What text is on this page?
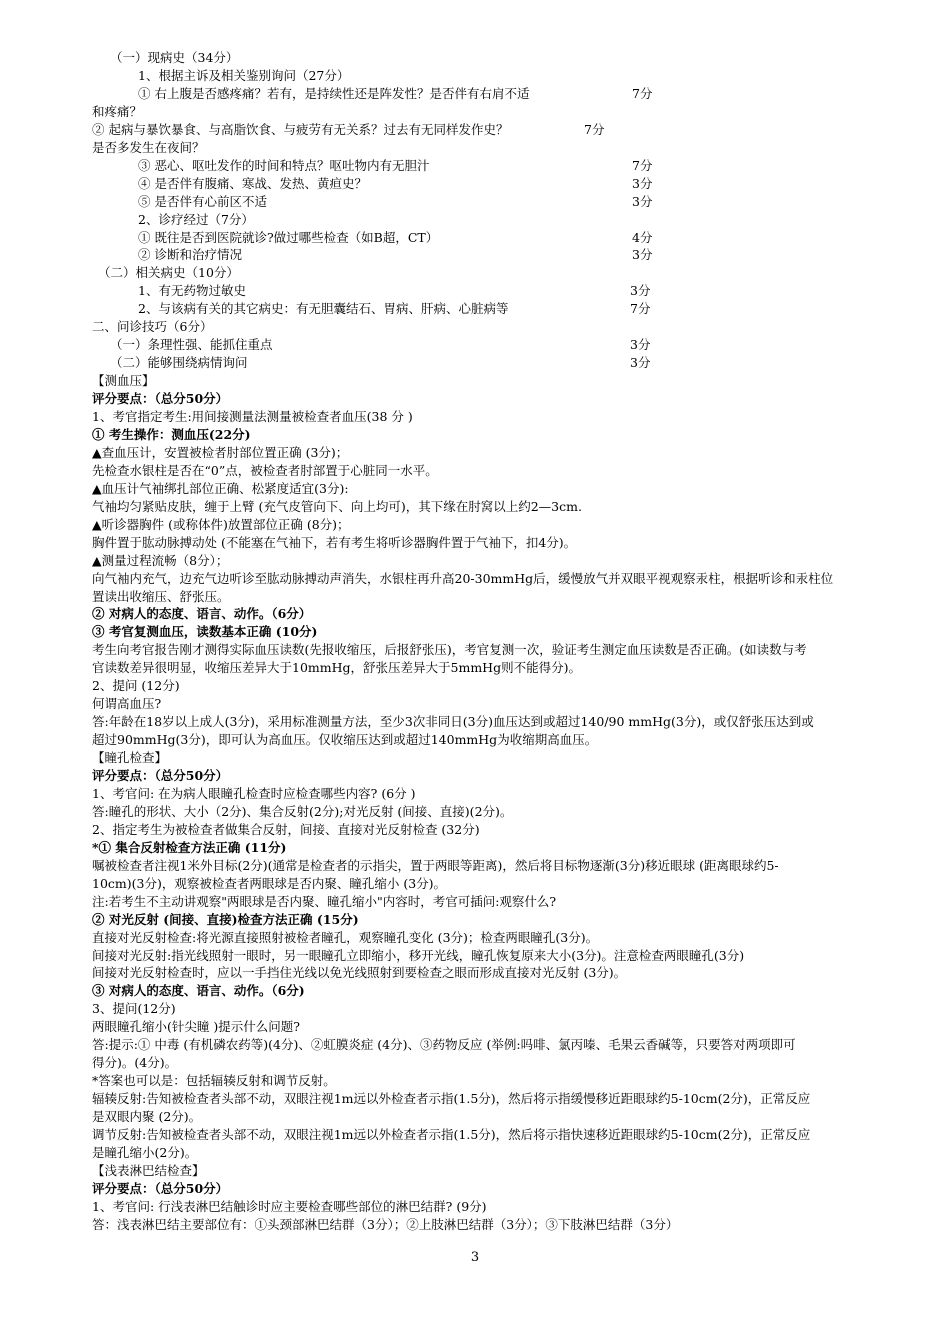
（一）现病史（34分）
1、根据主诉及相关鉴别询问（27分）
① 右上腹是否感疼痛？若有，是持续性还是阵发性？是否伴有右肩不适	7分
和疼痛？
② 起病与暴饮暴食、与高脂饮食、与疲劳有无关系？过去有无同样发作史？	7分
是否多发生在夜间？
③ 恶心、呕吐发作的时间和特点？呕吐物内有无胆汁	7分
④ 是否伴有腹痛、寒战、发热、黄疸史？	3分
⑤ 是否伴有心前区不适	3分
2、诊疗经过（7分）
① 既往是否到医院就诊?做过哪些检查（如B超，CT）	4分
② 诊断和治疗情况	3分
（二）相关病史（10分）
1、有无药物过敏史	3分
2、与该病有关的其它病史：有无胆囊结石、胃病、肝病、心脏病等	7分
二、问诊技巧（6分）
（一）条理性强、能抓住重点	3分
（二）能够围绕病情询问	3分
【测血压】
评分要点：（总分50分）
1、考官指定考生:用间接测量法测量被检查者血压(38 分 )
① 考生操作：测血压(22分)
▲查血压计，安置被检者肘部位置正确 (3分)；
先检查水银柱是否在“0”点，被检查者肘部置于心脏同一水平。
▲血压计气袖绑扎部位正确、松紧度适宜(3分):
气袖均匀紧贴皮肤，缠于上臂 (充气皮管向下、向上均可)，其下缘在肘窝以上约2—3cm.
▲听诊器胸件 (或称体件)放置部位正确 (8分)；
胸件置于肱动脉搏动处 (不能塞在气袖下，若有考生将听诊器胸件置于气袖下，扣4分)。
▲测量过程流畅（8分）；
向气袖内充气，边充气边听诊至肱动脉搏动声消失，水银柱再升高20-30mmHg后，缓慢放气并双眼平视观察汞柱，根据听诊和汞柱位
置读出收缩压、舒张压。
② 对病人的态度、语言、动作。（6分）
③ 考官复测血压，读数基本正确 (10分)
考生向考官报告刚才测得实际血压读数(先报收缩压，后报舒张压)，考官复测一次，验证考生测定血压读数是否正确。(如读数与考
官读数差异很明显，收缩压差异大于10mmHg，舒张压差异大于5mmHg则不能得分)。
2、提问 (12分)
何谓高血压?
答:年龄在18岁以上成人(3分)，采用标准测量方法，至少3次非同日(3分)血压达到或超过140/90 mmHg(3分)，或仅舒张压达到或
超过90mmHg(3分)，即可认为高血压。仅收缩压达到或超过140mmHg为收缩期高血压。
【瞳孔检查】
评分要点：（总分50分）
1、考官问: 在为病人眼瞳孔检查时应检查哪些内容? (6分 )
答:瞳孔的形状、大小（2分)、集合反射(2分);对光反射 (间接、直接)(2分)。
2、指定考生为被检查者做集合反射，间接、直接对光反射检查 (32分)
*① 集合反射检查方法正确 (11分)
嘱被检查者注视1米外目标(2分)(通常是检查者的示指尖，置于两眼等距离)，然后将目标物逐渐(3分)移近眼球 (距离眼球约5-
10cm)(3分)，观察被检查者两眼球是否内聚、瞳孔缩小 (3分)。
注:若考生不主动讲观察"两眼球是否内聚、瞳孔缩小"内容时，考官可插问:观察什么?
② 对光反射 (间接、直接)检查方法正确 (15分)
直接对光反射检查:将光源直接照射被检者瞳孔，观察瞳孔变化 (3分)；检查两眼瞳孔(3分)。
间接对光反射:指光线照射一眼时，另一眼瞳孔立即缩小，移开光线，瞳孔恢复原来大小(3分)。注意检查两眼瞳孔(3分)
间接对光反射检查时，应以一手挡住光线以免光线照射到要检查之眼而形成直接对光反射 (3分)。
③ 对病人的态度、语言、动作。（6分)
3、提问(12分)
两眼瞳孔缩小(针尖瞳 )提示什么问题?
答:提示:① 中毒 (有机磷农药等)(4分)、②虹膜炎症 (4分)、③药物反应 (举例:吗啡、氯丙嗪、毛果云香碱等，只要答对两项即可
得分)。(4分)。
*答案也可以是：包括辐辏反射和调节反射。
辐辏反射:告知被检查者头部不动，双眼注视1m远以外检查者示指(1.5分)，然后将示指缓慢移近距眼球约5-10cm(2分)，正常反应
是双眼内聚 (2分)。
调节反射:告知被检查者头部不动，双眼注视1m远以外检查者示指(1.5分)，然后将示指快速移近距眼球约5-10cm(2分)，正常反应
是瞳孔缩小(2分)。
【浅表淋巴结检查】
评分要点：（总分50分）
1、考官问: 行浅表淋巴结触诊时应主要检查哪些部位的淋巴结群? (9分)
答：浅表淋巴结主要部位有：①头颈部淋巴结群（3分）；②上肢淋巴结群（3分）；③下肢淋巴结群（3分）
3
